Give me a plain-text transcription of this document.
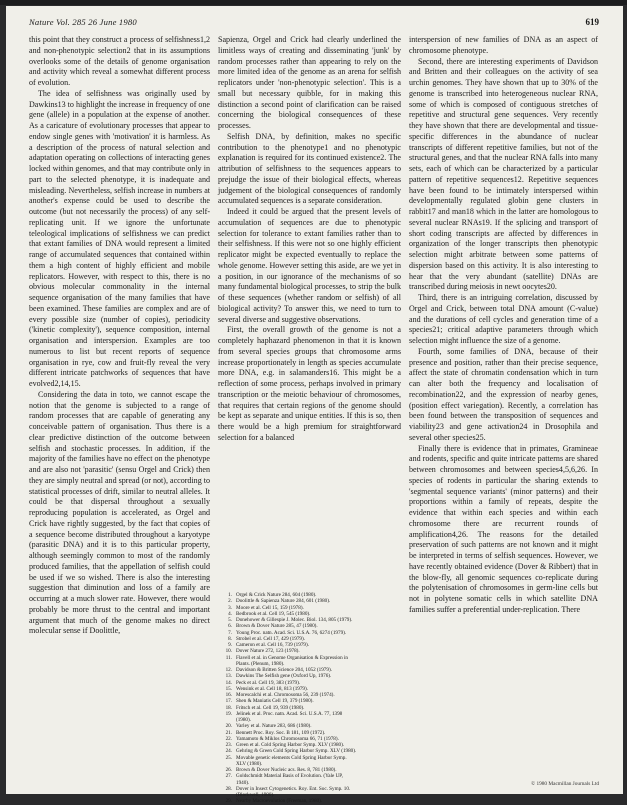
Nature Vol. 285 26 June 1980	619

this point that they construct a process of selfishness1,2 and non-phenotypic selection2 that in its assumptions overlooks some of the details of genome organisation and activity which reveal a somewhat different process of evolution.

The idea of selfishness was originally used by Dawkins13 to highlight the increase in frequency of one gene (allele) in a population at the expense of another. As a caricature of evolutionary processes that appear to endow single genes with 'motivation' it is harmless. As a description of the process of natural selection and adaptation operating on collections of interacting genes locked within genomes, and that may contribute only in part to the selected phenotype, it is inadequate and misleading. Nevertheless, selfish increase in numbers at another's expense could be used to describe the outcome (but not necessarily the process) of any self-replicating unit. If we ignore the unfortunate teleological implications of selfishness we can predict that extant families of DNA would represent a limited range of accumulated sequences that contained within them a high content of highly efficient and mobile replicators. However, with respect to this, there is no obvious molecular commonality in the internal sequence organisation of the many families that have been examined. These families are complex and are of every possible size (number of copies), periodicity ('kinetic complexity'), sequence composition, internal organisation and interspersion. Examples are too numerous to list but recent reports of sequence organisation in rye, cow and fruit-fly reveal the very different intricate patchworks of sequences that have evolved2,14,15.

Considering the data in toto, we cannot escape the notion that the genome is subjected to a range of random processes that are capable of generating any conceivable pattern of organisation. Thus there is a clear predictive distinction of the outcome between selfish and stochastic processes. In addition, if the majority of the families have no effect on the phenotype and are also not 'parasitic' (sensu Orgel and Crick) then they are simply neutral and spread (or not), according to statistical processes of drift, similar to neutral alleles. It could be that dispersal throughout a sexually reproducing population is accelerated, as Orgel and Crick have rightly suggested, by the fact that copies of a sequence become distributed throughout a karyotype (parasitic DNA) and it is to this particular property, although seemingly common to most of the randomly produced families, that the appellation of selfish could be used if we so wished. There is also the interesting suggestion that diminution and loss of a family are occurring at a much slower rate. However, there would probably be more thrust to the central and important argument that much of the genome makes no direct molecular sense if Doolittle,

Sapienza, Orgel and Crick had clearly underlined the limitless ways of creating and disseminating 'junk' by random processes rather than appearing to rely on the more limited idea of the genome as an arena for selfish replicators under 'non-phenotypic selection'. This is a small but necessary quibble, for in making this distinction a second point of clarification can be raised concerning the biological consequences of these processes.

Selfish DNA, by definition, makes no specific contribution to the phenotype1 and no phenotypic explanation is required for its continued existence2. The attribution of selfishness to the sequences appears to prejudge the issue of their biological effects, whereas judgement of the biological consequences of randomly accumulated sequences is a separate consideration.

Indeed it could be argued that the present levels of accumulation of sequences are due to phenotypic selection for tolerance to extant families rather than to their selfishness. If this were not so one highly efficient replicator might be expected eventually to replace the whole genome. However setting this aside, are we yet in a position, in our ignorance of the mechanisms of so many fundamental biological processes, to strip the bulk of these sequences (whether random or selfish) of all biological activity? To answer this, we need to turn to several diverse and suggestive observations.

First, the overall growth of the genome is not a completely haphazard phenomenon in that it is known from several species groups that chromosome arms increase proportionately in length as species accumulate more DNA, e.g. in salamanders16. This might be a reflection of some process, perhaps involved in primary transcription or the meiotic behaviour of chromosomes, that requires that certain regions of the genome should be kept as separate and unique entities. If this is so, then there would be a high premium for straightforward selection for a balanced

1. Orgel & Crick Nature 284, 604 (1980).
2. Doolittle & Sapienza Nature 284, 601 (1980).
3. Moore et al. Cell 15, 159 (1978).
4. Bedbrook et al. Cell 19, 545 (1980).
5. Donehower & Gillespie J. Molec. Biol. 134, 805 (1979).
6. Brown & Dover Nature 285, 47 (1980).
7. Young Proc. natn. Acad. Sci. U.S.A. 76, 6274 (1979).
8. Strobel et al. Cell 17, 429 (1979).
9. Cameron et al. Cell 16, 739 (1979).
10. Dover Nature 272, 123 (1978).
11. Flavell et al. in Genome Organisation & Expression in
Plants. (Plenum, 1980).
12. Davidson & Britten Science 204, 1052 (1979).
13. Dawkins The Selfish gene (Oxford Up, 1976).
14. Peck et al. Cell 19, 383 (1979).
15. Wensink et al. Cell 18, 813 (1979).
16. Morescalchi et al. Chromosoma 56, 239 (1974).
17. Shen & Maniatis Cell 19, 379 (1980).
18. Fritsch et al. Cell 19, 939 (1980).
19. Jelinek et al. Proc. natn. Acad. Sci. U.S.A. 77, 1398
(1980).
20. Varley et al. Nature 283, 686 (1980).
21. Bennett Proc. Roy. Soc. B 181, 109 (1972).
22. Yamamoto & Miklos Chromosoma 66, 71 (1978).
23. Green et al. Cold Spring Harbor Symp. XLV (1980).
24. Gehring & Green Cold Spring Harbor Symp. XLV (1980).
25. Movable genetic elements Cold Spring Harbor Symp.
XLV (1980).
26. Brown & Dover Nucleic acs. Res. 8, 781 (1980).
27. Goldschmidt Material Basis of Evolution. (Yale UP,
1940).
28. Dover in Insect Cytogenetics. Roy. Ent. Soc. Symp. 10.
(Blackwell, 1980).
29. Nearby Macroevolution (Freeman, 1980).

interspersion of new families of DNA as an aspect of chromosome phenotype.

Second, there are interesting experiments of Davidson and Britten and their colleagues on the activity of sea urchin genomes. They have shown that up to 30% of the genome is transcribed into heterogeneous nuclear RNA, some of which is composed of contiguous stretches of repetitive and structural gene sequences. Very recently they have shown that there are developmental and tissue-specific differences in the abundance of nuclear transcripts of different repetitive families, but not of the structural genes, and that the nuclear RNA falls into many sets, each of which can be characterized by a particular pattern of repetitive sequences12. Repetitive sequences have been found to be intimately interspersed within developmentally regulated globin gene clusters in rabbit17 and man18 which in the latter are homologous to several nuclear RNAs19. If the splicing and transport of short coding transcripts are affected by differences in organization of the longer transcripts then phenotypic selection might arbitrate between some patterns of dispersion based on this activity. It is also interesting to hear that the very abundant (satellite) DNAs are transcribed during meiosis in newt oocytes20.

Third, there is an intriguing correlation, discussed by Orgel and Crick, between total DNA amount (C-value) and the durations of cell cycles and generation time of a species21; critical adaptive parameters through which selection might influence the size of a genome.

Fourth, some families of DNA, because of their presence and position, rather than their precise sequence, affect the state of chromatin condensation which in turn can alter both the frequency and localisation of recombination22, and the expression of nearby genes, (position effect variegation). Recently, a correlation has been found between the transposition of sequences and viability23 and gene activation24 in Drosophila and several other species25.

Finally there is evidence that in primates, Gramineae and rodents, specific and quite intricate patterns are shared between chromosomes and between species4,5,6,26. In species of rodents in particular the sharing extends to 'segmental sequence variants' (minor patterns) and their proportions within a family of repeats, despite the evidence that within each species and within each chromosome there are recurrent rounds of amplification4,26. The reasons for the detailed preservation of such patterns are not known and it might be interpreted in terms of selfish sequences. However, we have recently obtained evidence (Dover & Ribbert) that in the blow-fly, all genomic sequences co-replicate during the polytenisation of chromosomes in germ-line cells but not in polytene somatic cells in which satellite DNA families suffer a preferential under-replication. There

© 1980 Macmillan Journals Ltd
